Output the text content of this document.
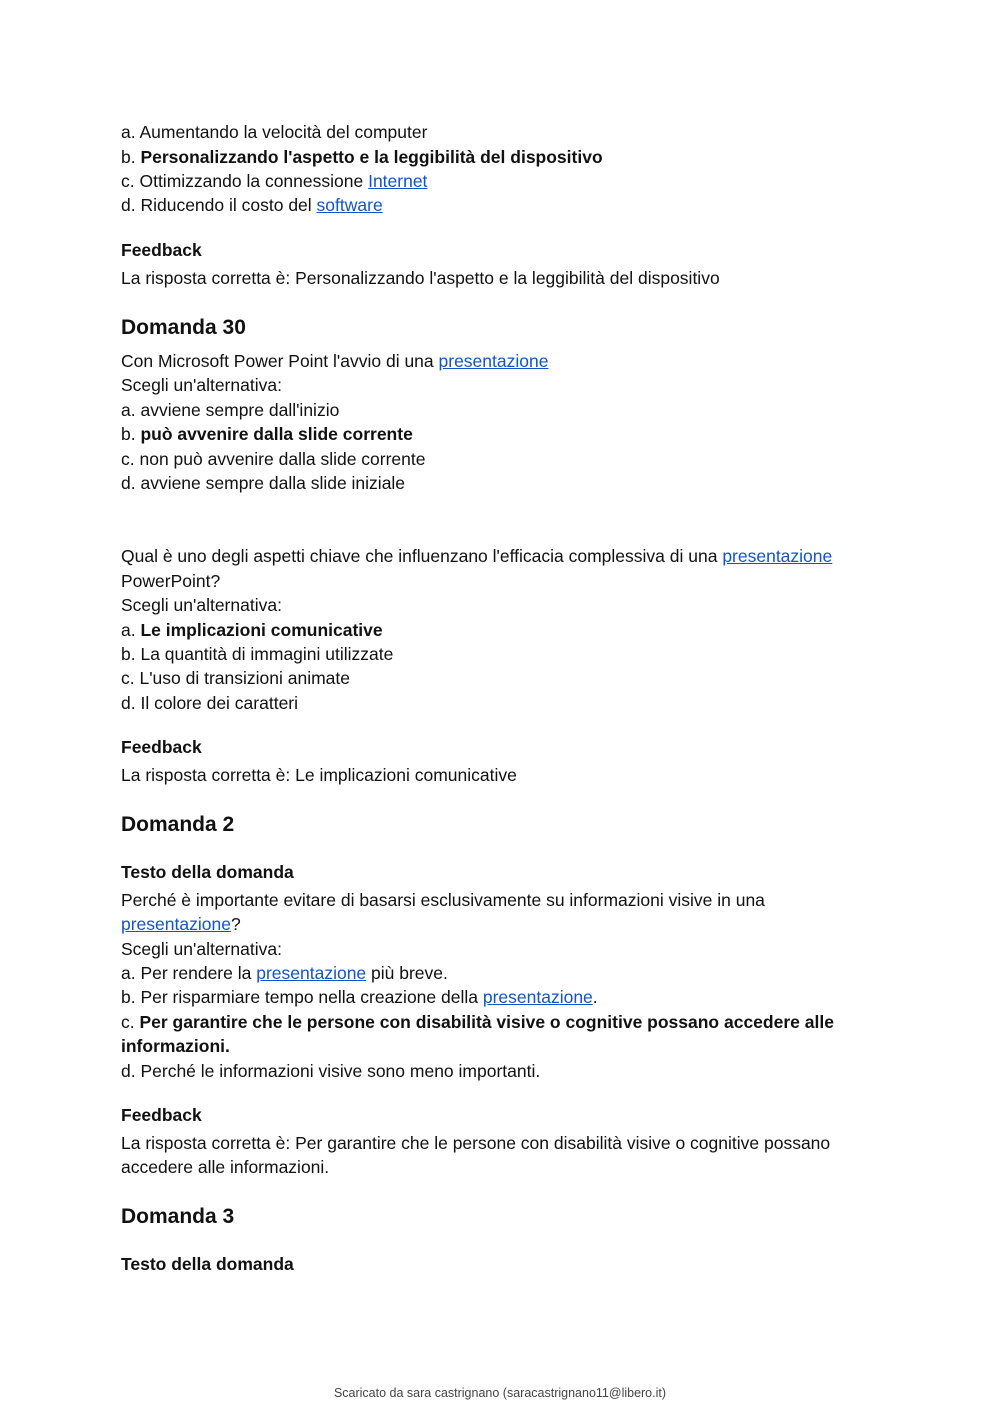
a. Aumentando la velocità del computer
b. Personalizzando l'aspetto e la leggibilità del dispositivo
c. Ottimizzando la connessione Internet
d. Riducendo il costo del software
Feedback
La risposta corretta è: Personalizzando l'aspetto e la leggibilità del dispositivo
Domanda 30
Con Microsoft Power Point l'avvio di una presentazione
Scegli un'alternativa:
a. avviene sempre dall'inizio
b. può avvenire dalla slide corrente
c. non può avvenire dalla slide corrente
d. avviene sempre dalla slide iniziale
Qual è uno degli aspetti chiave che influenzano l'efficacia complessiva di una presentazione
PowerPoint?
Scegli un'alternativa:
a. Le implicazioni comunicative
b. La quantità di immagini utilizzate
c. L'uso di transizioni animate
d. Il colore dei caratteri
Feedback
La risposta corretta è: Le implicazioni comunicative
Domanda 2
Testo della domanda
Perché è importante evitare di basarsi esclusivamente su informazioni visive in una
presentazione?
Scegli un'alternativa:
a. Per rendere la presentazione più breve.
b. Per risparmiare tempo nella creazione della presentazione.
c. Per garantire che le persone con disabilità visive o cognitive possano accedere alle
informazioni.
d. Perché le informazioni visive sono meno importanti.
Feedback
La risposta corretta è: Per garantire che le persone con disabilità visive o cognitive possano
accedere alle informazioni.
Domanda 3
Testo della domanda
Scaricato da sara castrignano (saracastrignano11@libero.it)
